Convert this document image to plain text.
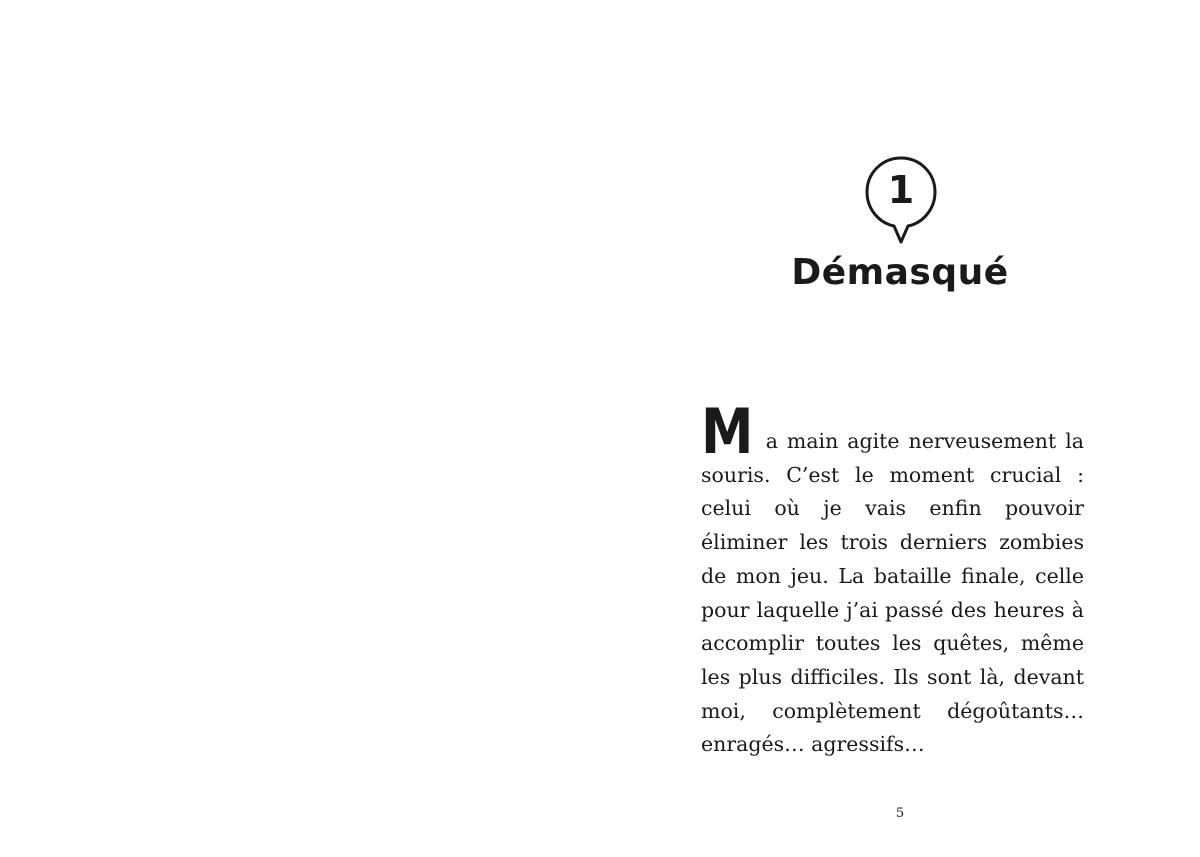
1
Démasqué

Ma main agite nerveusement la souris. C’est le moment crucial : celui où je vais enfin pouvoir éliminer les trois derniers zombies de mon jeu. La bataille finale, celle pour laquelle j’ai passé des heures à accomplir toutes les quêtes, même les plus difficiles. Ils sont là, devant moi, complètement dégoûtants… enragés… agressifs…

5
